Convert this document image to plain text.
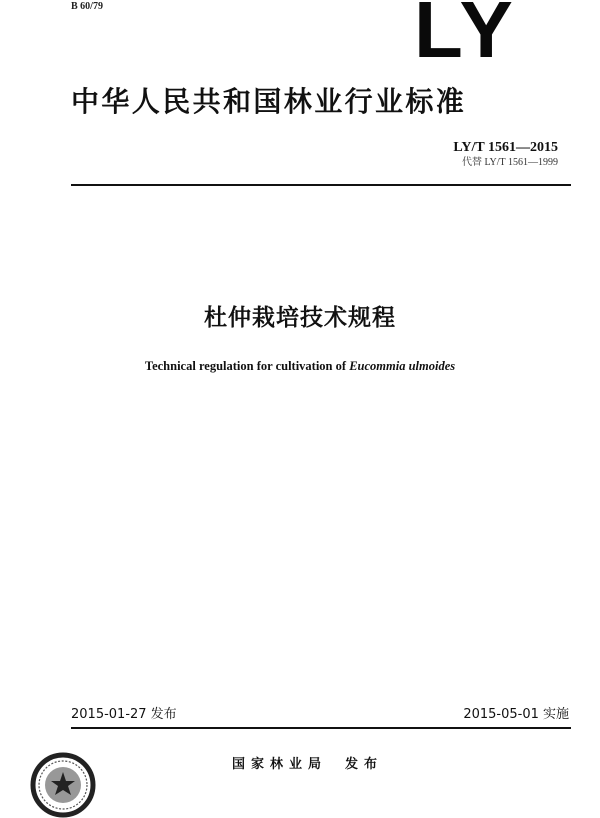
B 60/79	LY
中华人民共和国林业行业标准
LY/T 1561—2015
代替 LY/T 1561—1999
杜仲栽培技术规程
Technical regulation for cultivation of Eucommia ulmoides
2015-01-27 发布	2015-05-01 实施
国家林业局 发布
